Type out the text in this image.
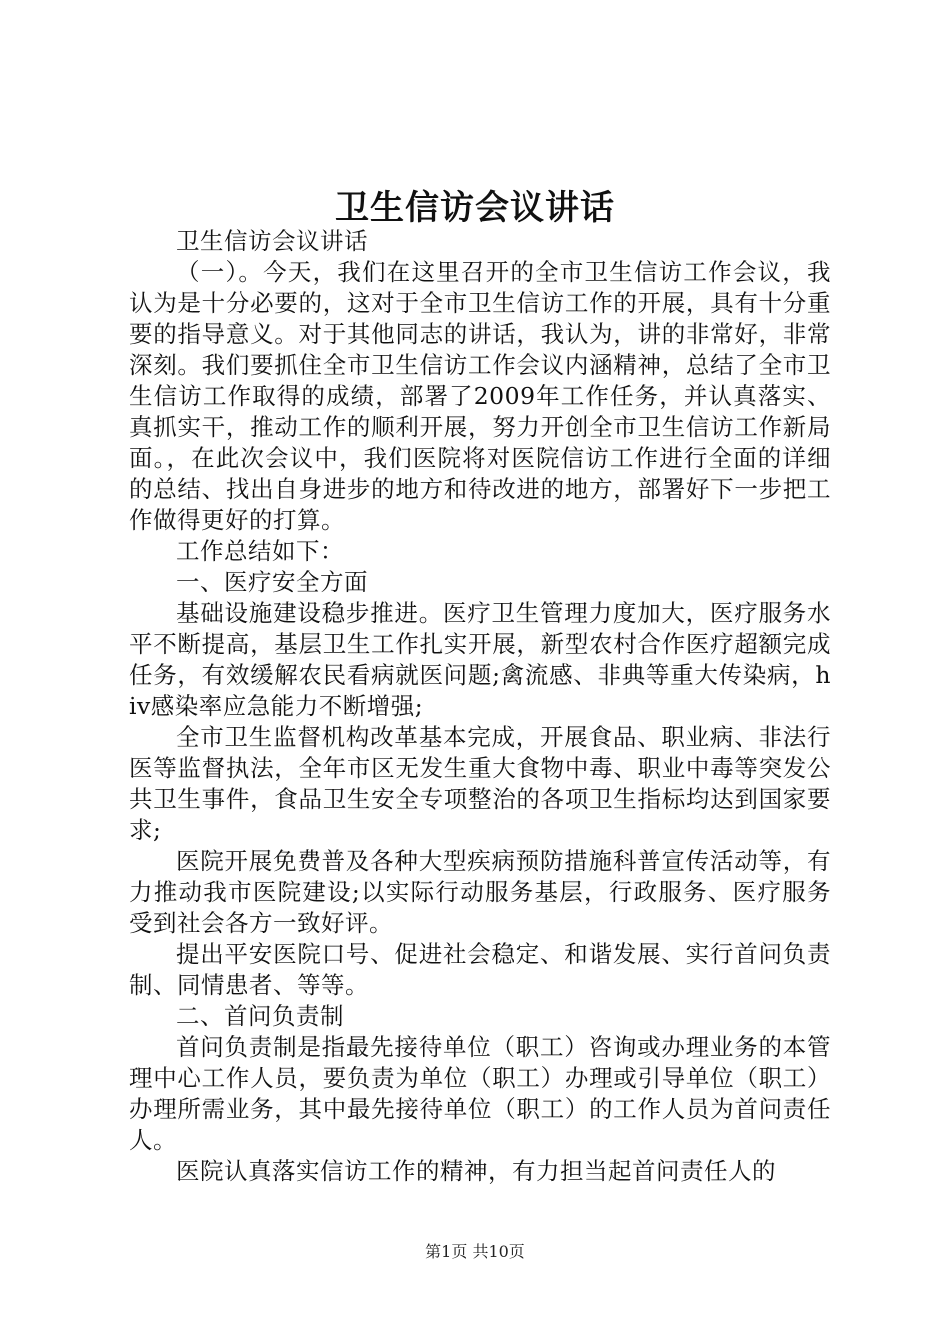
卫生信访会议讲话

卫生信访会议讲话

（一）。今天，我们在这里召开的全市卫生信访工作会议，我认为是十分必要的，这对于全市卫生信访工作的开展，具有十分重要的指导意义。对于其他同志的讲话，我认为，讲的非常好，非常深刻。我们要抓住全市卫生信访工作会议内涵精神，总结了全市卫生信访工作取得的成绩，部署了2009年工作任务，并认真落实、真抓实干，推动工作的顺利开展，努力开创全市卫生信访工作新局面。，在此次会议中，我们医院将对医院信访工作进行全面的详细的总结、找出自身进步的地方和待改进的地方，部署好下一步把工作做得更好的打算。

工作总结如下：

一、医疗安全方面

基础设施建设稳步推进。医疗卫生管理力度加大，医疗服务水平不断提高，基层卫生工作扎实开展，新型农村合作医疗超额完成任务，有效缓解农民看病就医问题;禽流感、非典等重大传染病，hiv感染率应急能力不断增强;

全市卫生监督机构改革基本完成，开展食品、职业病、非法行医等监督执法，全年市区无发生重大食物中毒、职业中毒等突发公共卫生事件，食品卫生安全专项整治的各项卫生指标均达到国家要求;

医院开展免费普及各种大型疾病预防措施科普宣传活动等，有力推动我市医院建设;以实际行动服务基层，行政服务、医疗服务受到社会各方一致好评。

提出平安医院口号、促进社会稳定、和谐发展、实行首问负责制、同情患者、等等。

二、首问负责制

首问负责制是指最先接待单位（职工）咨询或办理业务的本管理中心工作人员，要负责为单位（职工）办理或引导单位（职工）办理所需业务，其中最先接待单位（职工）的工作人员为首问责任人。

医院认真落实信访工作的精神，有力担当起首问责任人的

第1页 共10页
